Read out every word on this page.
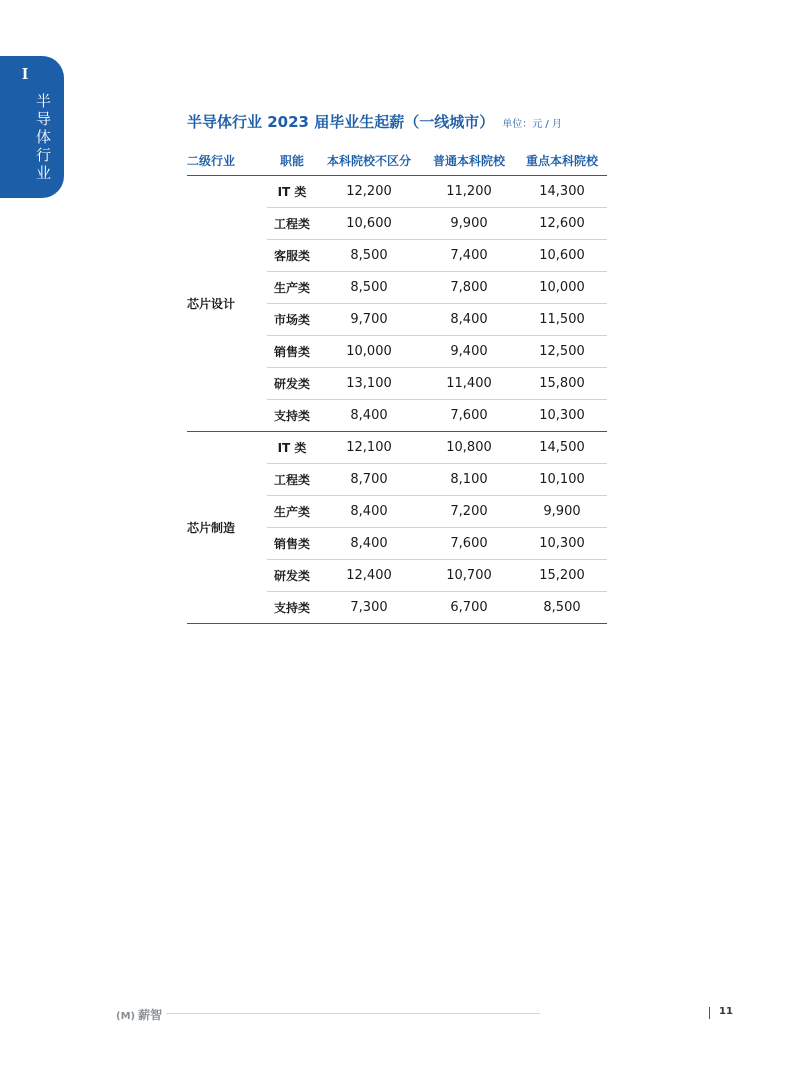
I
半导体行业
半导体行业 2023 届毕业生起薪（一线城市） 单位：元 / 月
二级行业	职能	本科院校不区分	普通本科院校	重点本科院校
芯片设计	IT 类	12,200	11,200	14,300
	工程类	10,600	9,900	12,600
	客服类	8,500	7,400	10,600
	生产类	8,500	7,800	10,000
	市场类	9,700	8,400	11,500
	销售类	10,000	9,400	12,500
	研发类	13,100	11,400	15,800
	支持类	8,400	7,600	10,300
芯片制造	IT 类	12,100	10,800	14,500
	工程类	8,700	8,100	10,100
	生产类	8,400	7,200	9,900
	销售类	8,400	7,600	10,300
	研发类	12,400	10,700	15,200
	支持类	7,300	6,700	8,500
(M) 薪智	11
